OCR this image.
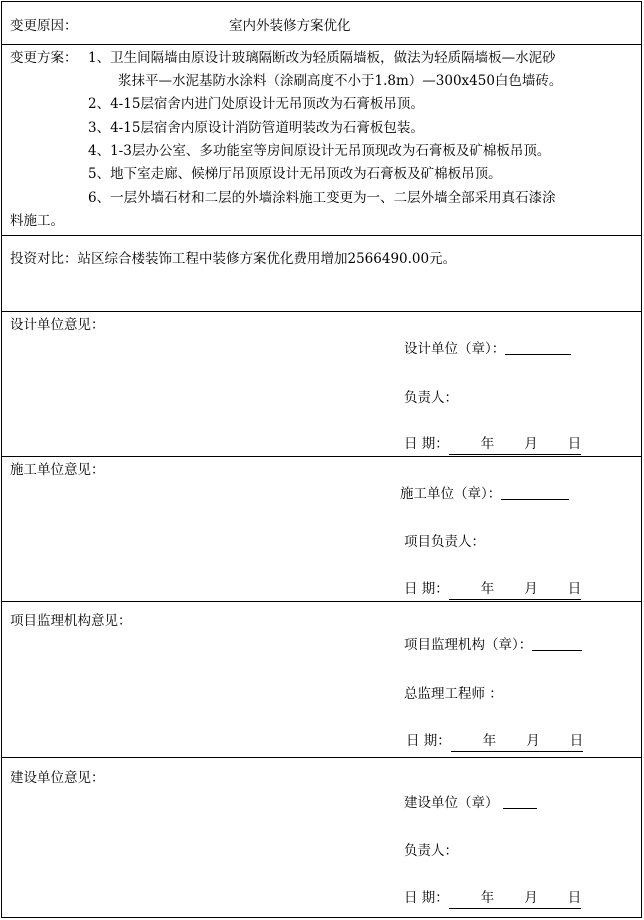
变更原因：	室内外装修方案优化
变更方案： 1、卫生间隔墙由原设计玻璃隔断改为轻质隔墙板，做法为轻质隔墙板—水泥砂
浆抹平—水泥基防水涂料（涂刷高度不小于1.8m）—300x450白色墙砖。
2、4-15层宿舍内进门处原设计无吊顶改为石膏板吊顶。
3、4-15层宿舍内原设计消防管道明装改为石膏板包装。
4、1-3层办公室、多功能室等房间原设计无吊顶现改为石膏板及矿棉板吊顶。
5、地下室走廊、候梯厅吊顶原设计无吊顶改为石膏板及矿棉板吊顶。
6、一层外墙石材和二层的外墙涂料施工变更为一、二层外墙全部采用真石漆涂
料施工。
投资对比：站区综合楼装饰工程中装修方案优化费用增加2566490.00元。
设计单位意见：
设计单位（章）：
负责人：
日 期： 年 月 日
施工单位意见：
施工单位（章）：
项目负责人：
日 期： 年 月 日
项目监理机构意见：
项目监理机构（章）：
总监理工程师 ：
日 期： 年 月 日
建设单位意见：
建设单位（章）
负责人：
日 期： 年 月 日
